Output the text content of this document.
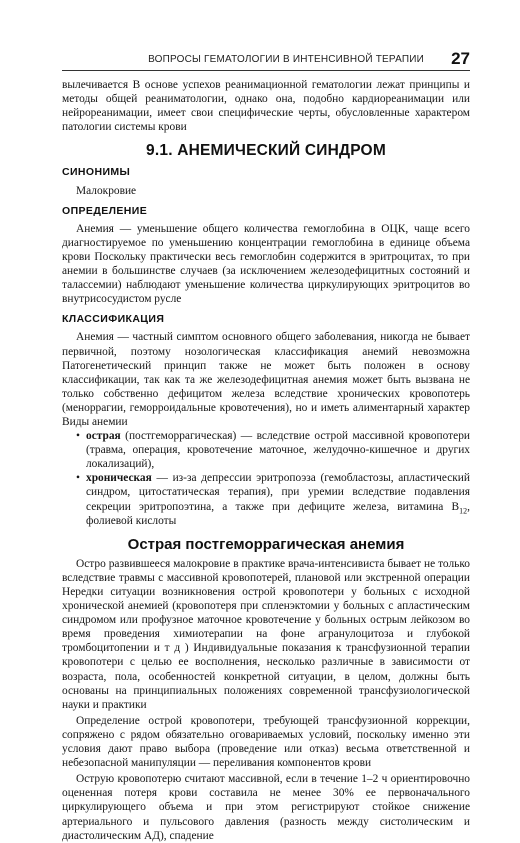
ВОПРОСЫ ГЕМАТОЛОГИИ В ИНТЕНСИВНОЙ ТЕРАПИИ 27

вылечивается В основе успехов реанимационной гематологии лежат принципы и методы общей реаниматологии, однако она, подобно кардиореанимации или нейрореанимации, имеет свои специфические черты, обусловленные характером патологии системы крови

9.1. АНЕМИЧЕСКИЙ СИНДРОМ
СИНОНИМЫ

Малокровие

ОПРЕДЕЛЕНИЕ

Анемия — уменьшение общего количества гемоглобина в ОЦК, чаще всего диагностируемое по уменьшению концентрации гемоглобина в единице объема крови Поскольку практически весь гемоглобин содержится в эритроцитах, то при анемии в большинстве случаев (за исключением железодефицитных состояний и талассемии) наблюдают уменьшение количества циркулирующих эритроцитов во внутрисосудистом русле

КЛАССИФИКАЦИЯ

Анемия — частный симптом основного общего заболевания, никогда не бывает первичной, поэтому нозологическая классификация анемий невозможна Патогенетический принцип также не может быть положен в основу классификации, так как та же железодефицитная анемия может быть вызвана не только собственно дефицитом железа вследствие хронических кровопотерь (меноррагии, геморроидальные кровотечения), но и иметь алиментарный характер Виды анемии

• острая (постгеморрагическая) — вследствие острой массивной кровопотери (травма, операция, кровотечение маточное, желудочно-кишечное и других локализаций),
• хроническая — из-за депрессии эритропоэза (гемобластозы, апластический синдром, цитостатическая терапия), при уремии вследствие подавления секреции эритропоэтина, а также при дефиците железа, витамина $В_{12}$, фолиевой кислоты
Острая постгеморрагическая анемия

Остро развившееся малокровие в практике врача-интенсивиста бывает не только вследствие травмы с массивной кровопотерей, плановой или экстренной операции Нередки ситуации возникновения острой кровопотери у больных с исходной хронической анемией (кровопотеря при спленэктомии у больных с апластическим синдромом или профузное маточное кровотечение у больных острым лейкозом во время проведения химиотерапии на фоне агранулоцитоза и глубокой тромбоцитопении и т д ) Индивидуальные показания к трансфузионной терапии кровопотери с целью ее восполнения, несколько различные в зависимости от возраста, пола, особенностей конкретной ситуации, в целом, должны быть основаны на принципиальных положениях современной трансфузиологической науки и практики

Определение острой кровопотери, требующей трансфузионной коррекции, сопряжено с рядом обязательно оговариваемых условий, поскольку именно эти условия дают право выбора (проведение или отказ) весьма ответственной и небезопасной манипуляции — переливания компонентов крови

Острую кровопотерю считают массивной, если в течение 1–2 ч ориентировочно оцененная потеря крови составила не менее 30% ее первоначального циркулирующего объема и при этом регистрируют стойкое снижение артериального и пульсового давления (разность между систолическим и диастолическим АД), спадение
